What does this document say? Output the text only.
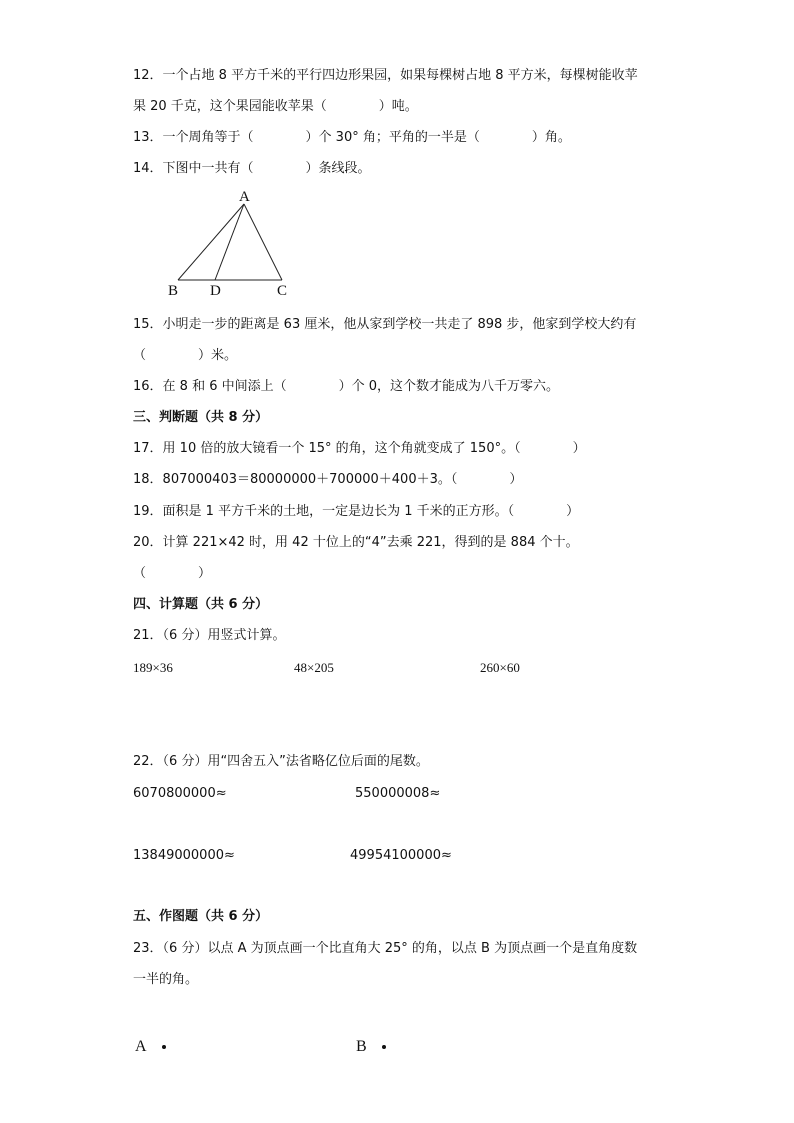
12．一个占地 8 平方千米的平行四边形果园，如果每棵树占地 8 平方米，每棵树能收苹
果 20 千克，这个果园能收苹果（　　　　）吨。
13．一个周角等于（　　　　）个 30° 角；平角的一半是（　　　　）角。
14．下图中一共有（　　　　）条线段。
A
B D	C
15．小明走一步的距离是 63 厘米，他从家到学校一共走了 898 步，他家到学校大约有
（　　　　）米。
16．在 8 和 6 中间添上（　　　　）个 0，这个数才能成为八千万零六。
三、判断题（共 8 分）
17．用 10 倍的放大镜看一个 15° 的角，这个角就变成了 150°。（　　　　）
18．807000403＝80000000＋700000＋400＋3。（　　　　）
19．面积是 1 平方千米的土地，一定是边长为 1 千米的正方形。（　　　　）
20．计算 221×42 时，用 42 十位上的“4”去乘 221，得到的是 884 个十。
（　　　　）
四、计算题（共 6 分）
21．（6 分）用竖式计算。
189×36	48×205	260×60
22．（6 分）用“四舍五入”法省略亿位后面的尾数。
6070800000≈	550000008≈
13849000000≈	49954100000≈
五、作图题（共 6 分）
23．（6 分）以点 A 为顶点画一个比直角大 25° 的角，以点 B 为顶点画一个是直角度数
一半的角。
A	B
